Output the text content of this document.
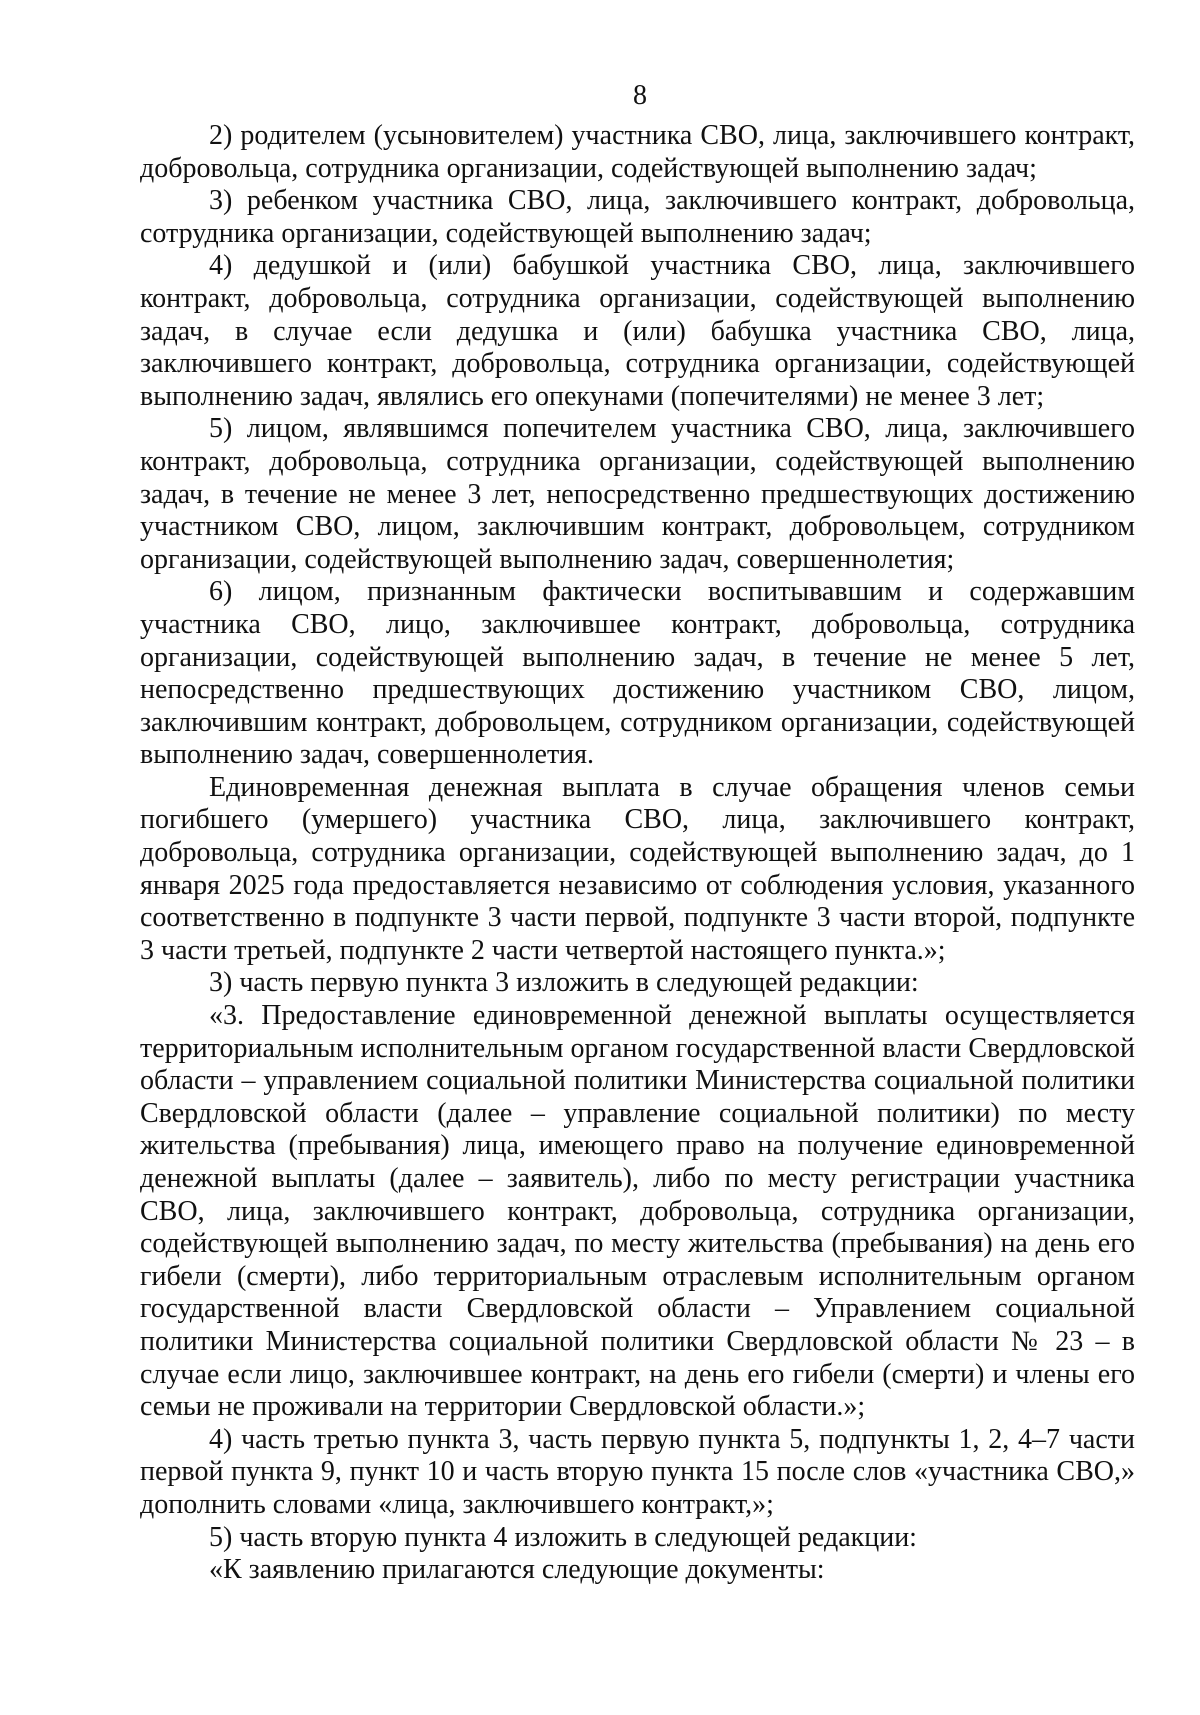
8

2) родителем (усыновителем) участника СВО, лица, заключившего контракт, добровольца, сотрудника организации, содействующей выполнению задач;

3) ребенком участника СВО, лица, заключившего контракт, добровольца, сотрудника организации, содействующей выполнению задач;

4) дедушкой и (или) бабушкой участника СВО, лица, заключившего контракт, добровольца, сотрудника организации, содействующей выполнению задач, в случае если дедушка и (или) бабушка участника СВО, лица, заключившего контракт, добровольца, сотрудника организации, содействующей выполнению задач, являлись его опекунами (попечителями) не менее 3 лет;

5) лицом, являвшимся попечителем участника СВО, лица, заключившего контракт, добровольца, сотрудника организации, содействующей выполнению задач, в течение не менее 3 лет, непосредственно предшествующих достижению участником СВО, лицом, заключившим контракт, добровольцем, сотрудником организации, содействующей выполнению задач, совершеннолетия;

6) лицом, признанным фактически воспитывавшим и содержавшим участника СВО, лицо, заключившее контракт, добровольца, сотрудника организации, содействующей выполнению задач, в течение не менее 5 лет, непосредственно предшествующих достижению участником СВО, лицом, заключившим контракт, добровольцем, сотрудником организации, содействующей выполнению задач, совершеннолетия.

Единовременная денежная выплата в случае обращения членов семьи погибшего (умершего) участника СВО, лица, заключившего контракт, добровольца, сотрудника организации, содействующей выполнению задач, до 1 января 2025 года предоставляется независимо от соблюдения условия, указанного соответственно в подпункте 3 части первой, подпункте 3 части второй, подпункте 3 части третьей, подпункте 2 части четвертой настоящего пункта.»;

3) часть первую пункта 3 изложить в следующей редакции:

«3. Предоставление единовременной денежной выплаты осуществляется территориальным исполнительным органом государственной власти Свердловской области – управлением социальной политики Министерства социальной политики Свердловской области (далее – управление социальной политики) по месту жительства (пребывания) лица, имеющего право на получение единовременной денежной выплаты (далее – заявитель), либо по месту регистрации участника СВО, лица, заключившего контракт, добровольца, сотрудника организации, содействующей выполнению задач, по месту жительства (пребывания) на день его гибели (смерти), либо территориальным отраслевым исполнительным органом государственной власти Свердловской области – Управлением социальной политики Министерства социальной политики Свердловской области № 23 – в случае если лицо, заключившее контракт, на день его гибели (смерти) и члены его семьи не проживали на территории Свердловской области.»;

4) часть третью пункта 3, часть первую пункта 5, подпункты 1, 2, 4–7 части первой пункта 9, пункт 10 и часть вторую пункта 15 после слов «участника СВО,» дополнить словами «лица, заключившего контракт,»;

5) часть вторую пункта 4 изложить в следующей редакции:

«К заявлению прилагаются следующие документы:
